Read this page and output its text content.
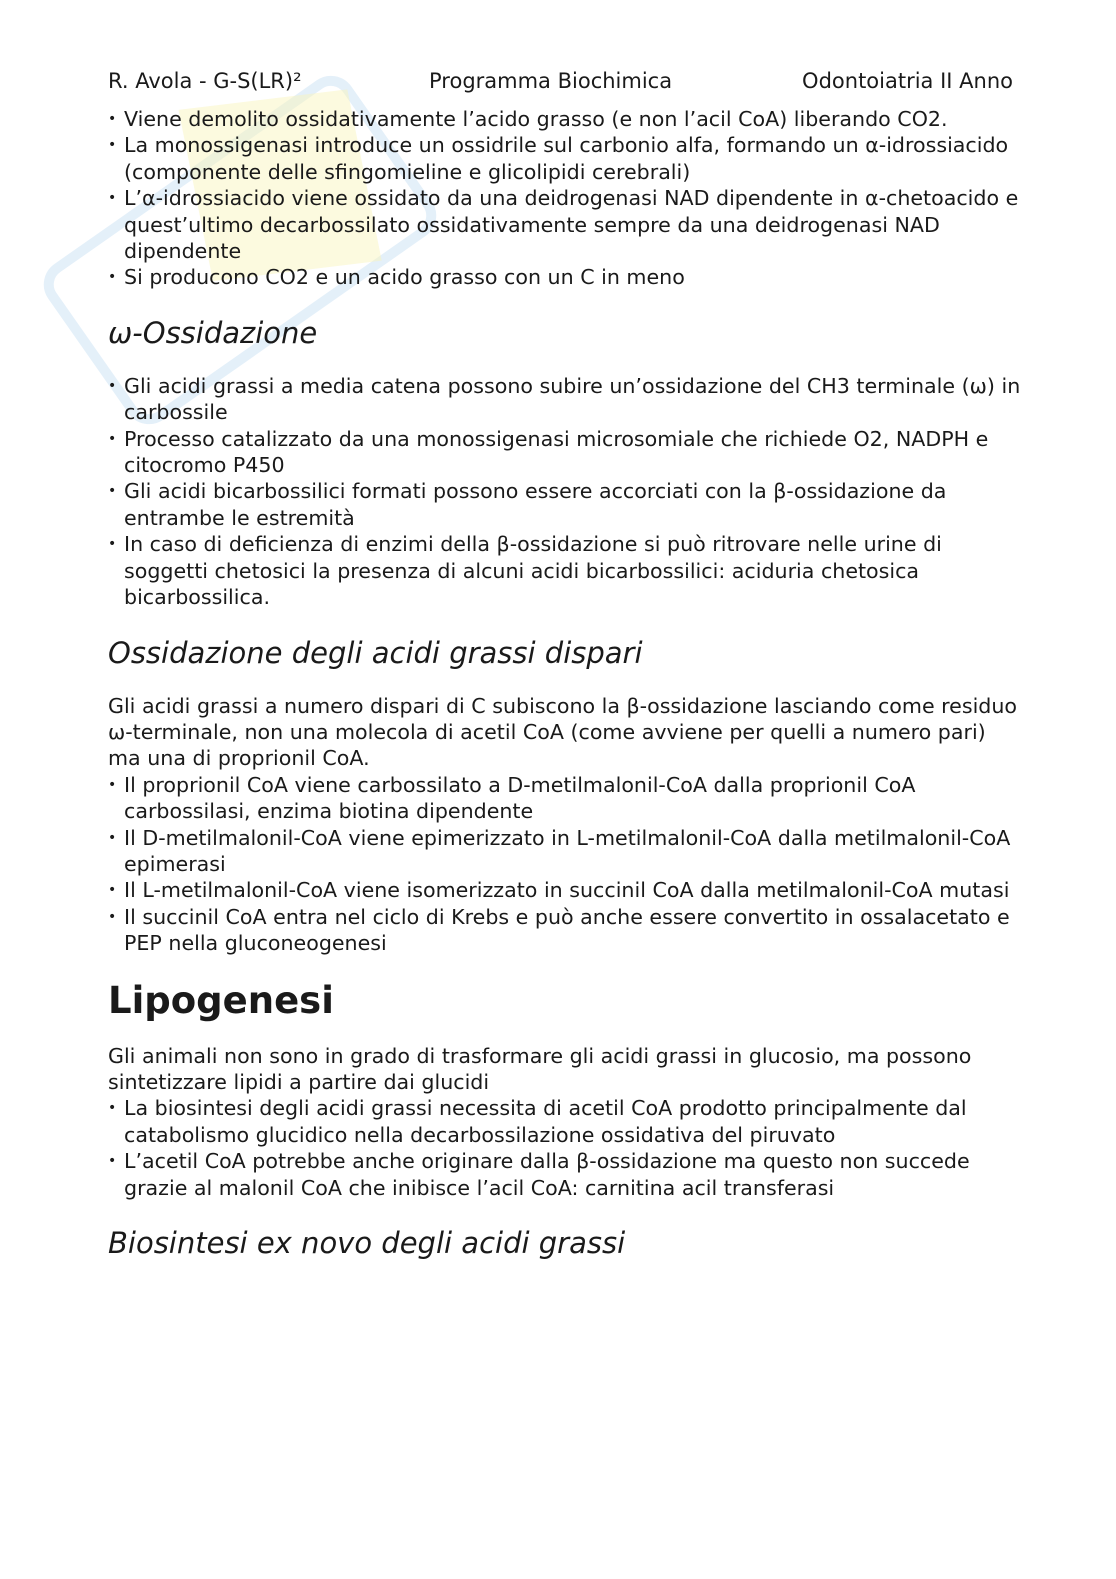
R. Avola - G-S(LR)²	Programma Biochimica	Odontoiatria II Anno
• Viene demolito ossidativamente l’acido grasso (e non l’acil CoA) liberando CO2.
• La monossigenasi introduce un ossidrile sul carbonio alfa, formando un α-idrossiacido (componente delle sfingomieline e glicolipidi cerebrali)
• L’α-idrossiacido viene ossidato da una deidrogenasi NAD dipendente in α-chetoacido e quest’ultimo decarbossilato ossidativamente sempre da una deidrogenasi NAD dipendente
• Si producono CO2 e un acido grasso con un C in meno
ω-Ossidazione
• Gli acidi grassi a media catena possono subire un’ossidazione del CH3 terminale (ω) in carbossile
• Processo catalizzato da una monossigenasi microsomiale che richiede O2, NADPH e citocromo P450
• Gli acidi bicarbossilici formati possono essere accorciati con la β-ossidazione da entrambe le estremità
• In caso di deficienza di enzimi della β-ossidazione si può ritrovare nelle urine di soggetti chetosici la presenza di alcuni acidi bicarbossilici: aciduria chetosica bicarbossilica.
Ossidazione degli acidi grassi dispari

Gli acidi grassi a numero dispari di C subiscono la β-ossidazione lasciando come residuo ω-terminale, non una molecola di acetil CoA (come avviene per quelli a numero pari) ma una di proprionil CoA.

• Il proprionil CoA viene carbossilato a D-metilmalonil-CoA dalla proprionil CoA carbossilasi, enzima biotina dipendente
• Il D-metilmalonil-CoA viene epimerizzato in L-metilmalonil-CoA dalla metilmalonil-CoA epimerasi
• Il L-metilmalonil-CoA viene isomerizzato in succinil CoA dalla metilmalonil-CoA mutasi
• Il succinil CoA entra nel ciclo di Krebs e può anche essere convertito in ossalacetato e PEP nella gluconeogenesi
Lipogenesi

Gli animali non sono in grado di trasformare gli acidi grassi in glucosio, ma possono sintetizzare lipidi a partire dai glucidi

• La biosintesi degli acidi grassi necessita di acetil CoA prodotto principalmente dal catabolismo glucidico nella decarbossilazione ossidativa del piruvato
• L’acetil CoA potrebbe anche originare dalla β-ossidazione ma questo non succede grazie al malonil CoA che inibisce l’acil CoA: carnitina acil transferasi
Biosintesi ex novo degli acidi grassi
